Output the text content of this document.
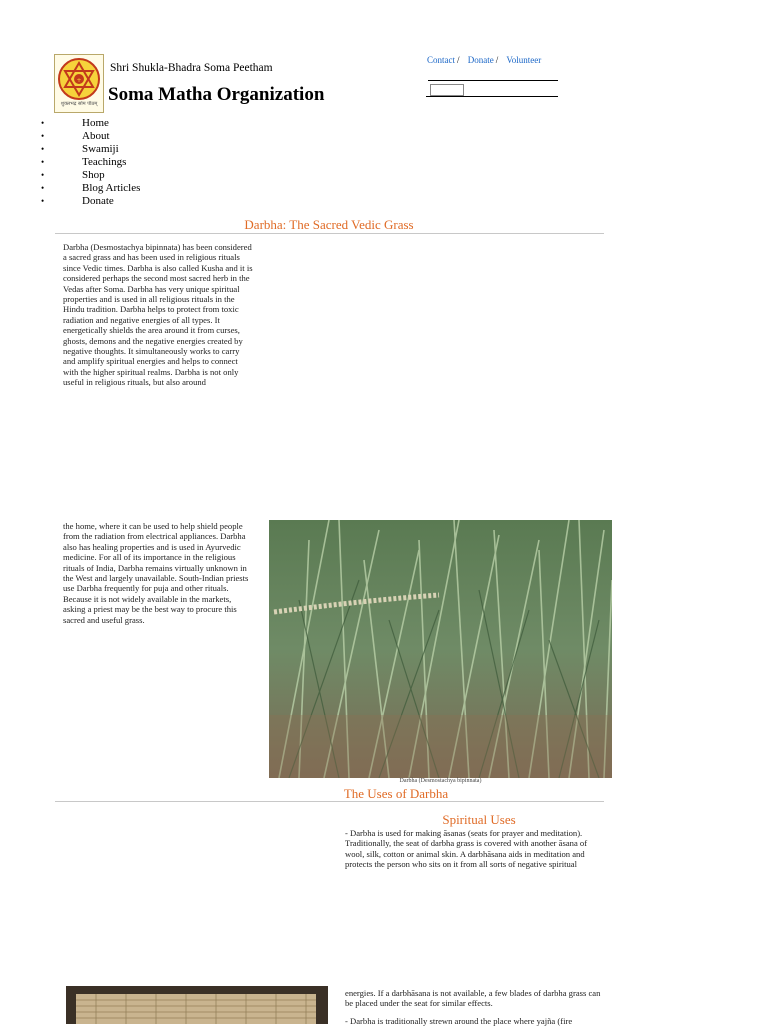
+
शुक्लभद्र सोम पीठम्
Shri Shukla-Bhadra Soma Peetham
Soma Matha Organization
Contact / Donate / Volunteer
•	Home
•	About
•	Swamiji
•	Teachings
•	Shop
•	Blog Articles
•	Donate
Darbha: The Sacred Vedic Grass
Darbha (Desmostachya bipinnata) has been considered a sacred grass and has been used in religious rituals since Vedic times. Darbha is also called Kusha and it is considered perhaps the second most sacred herb in the Vedas after Soma. Darbha has very unique spiritual properties and is used in all religious rituals in the Hindu tradition. Darbha helps to protect from toxic radiation and negative energies of all types. It energetically shields the area around it from curses, ghosts, demons and the negative energies created by negative thoughts. It simultaneously works to carry and amplify spiritual energies and helps to connect with the higher spiritual realms. Darbha is not only useful in religious rituals, but also around
the home, where it can be used to help shield people from the radiation from electrical appliances. Darbha also has healing properties and is used in Ayurvedic medicine. For all of its importance in the religious rituals of India, Darbha remains virtually unknown in the West and largely unavailable. South-Indian priests use Darbha frequently for puja and other rituals. Because it is not widely available in the markets, asking a priest may be the best way to procure this sacred and useful grass.
Darbha (Desmostachya bipinnata)
The Uses of Darbha
Spiritual Uses
- Darbha is used for making āsanas (seats for prayer and meditation). Traditionally, the seat of darbha grass is covered with another āsana of wool, silk, cotton or animal skin. A darbhāsana aids in meditation and protects the person who sits on it from all sorts of negative spiritual
energies. If a darbhāsana is not available, a few blades of darbha grass can be placed under the seat for similar effects.
- Darbha is traditionally strewn around the place where yajña (fire
